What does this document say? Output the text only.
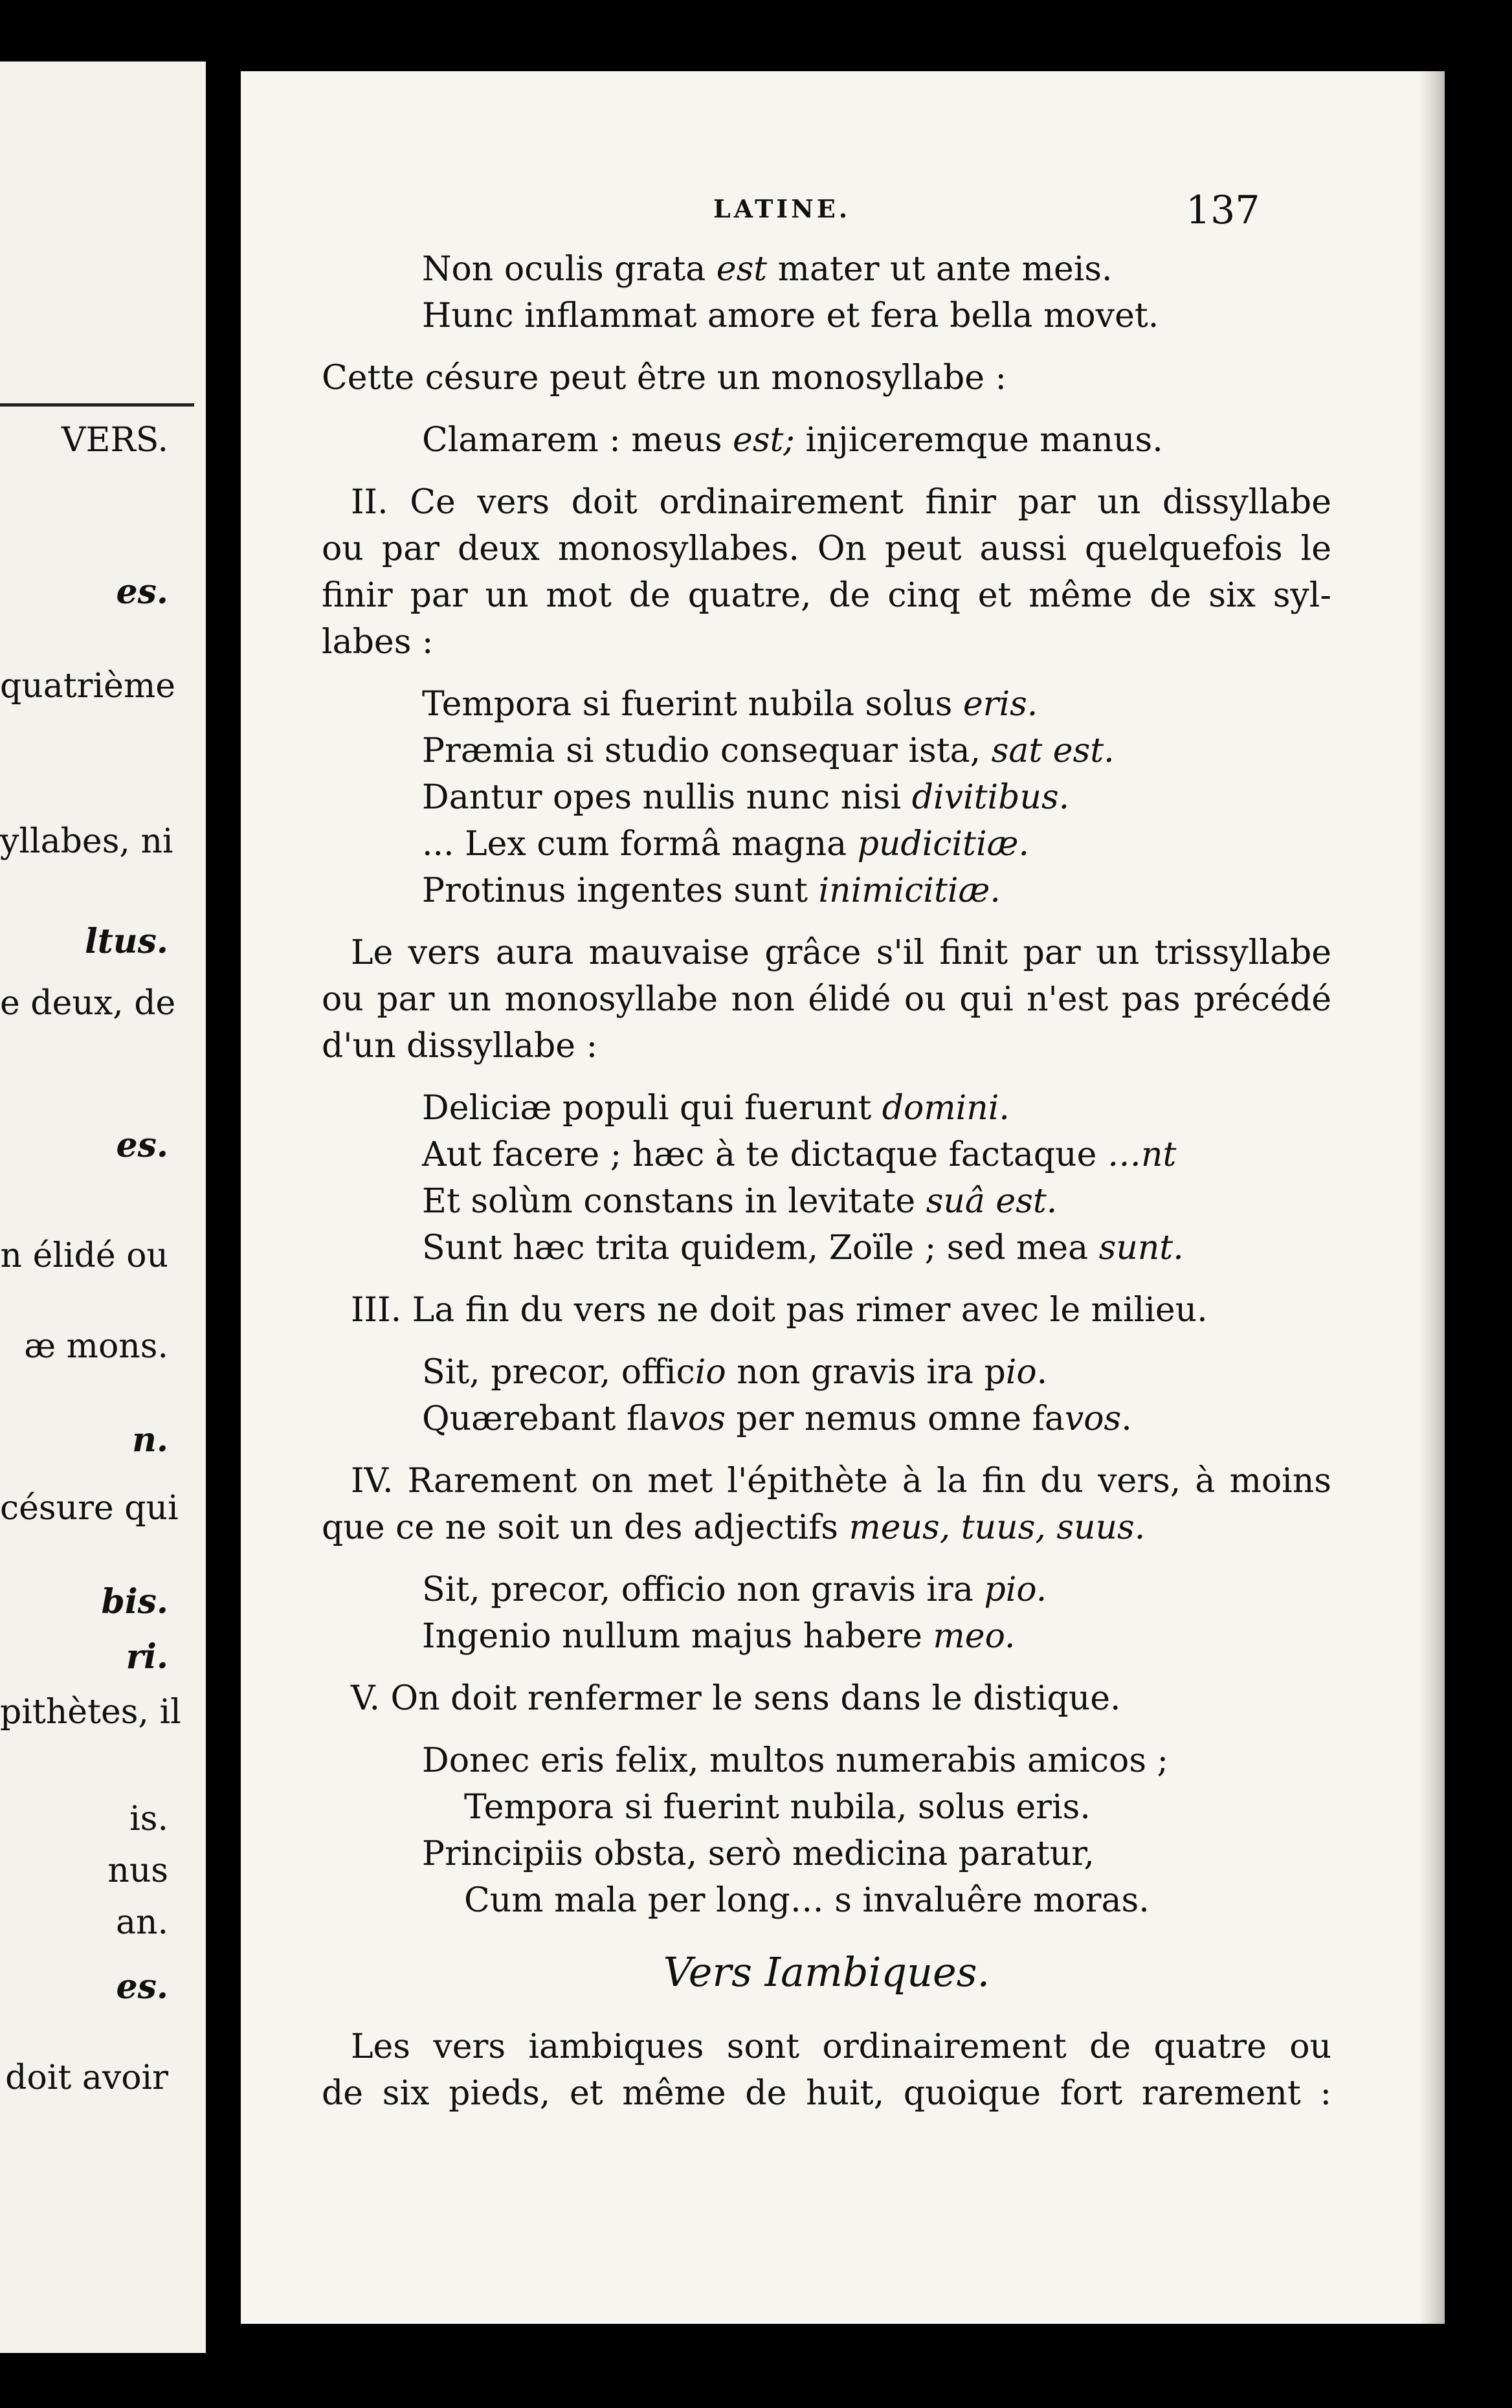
VERS.
es.
quatrième
yllabes, ni
ltus.
e deux, de
es.
n élidé ou
æ mons.
n.
césure qui
bis.
ri.
pithètes, il
is.
nus
an.
es.
doit avoir
LATINE.	137
Non oculis grata est mater ut ante meis.
Hunc inflammat amore et fera bella movet.
Cette césure peut être un monosyllabe :
Clamarem : meus est; injiceremque manus.
II. Ce vers doit ordinairement finir par un dissyllabe
ou par deux monosyllabes. On peut aussi quelquefois le
finir par un mot de quatre, de cinq et même de six syl-
labes :
Tempora si fuerint nubila solus eris.
Præmia si studio consequar ista, sat est.
Dantur opes nullis nunc nisi divitibus.
... Lex cum formâ magna pudicitiæ.
Protinus ingentes sunt inimicitiæ.
Le vers aura mauvaise grâce s'il finit par un trissyllabe
ou par un monosyllabe non élidé ou qui n'est pas précédé
d'un dissyllabe :
Deliciæ populi qui fuerunt domini.
Aut facere ; hæc à te dictaque factaque …nt
Et solùm constans in levitate suâ est.
Sunt hæc trita quidem, Zoïle ; sed mea sunt.
III. La fin du vers ne doit pas rimer avec le milieu.
Sit, precor, officio non gravis ira pio.
Quærebant flavos per nemus omne favos.
IV. Rarement on met l'épithète à la fin du vers, à moins
que ce ne soit un des adjectifs meus, tuus, suus.
Sit, precor, officio non gravis ira pio.
Ingenio nullum majus habere meo.
V. On doit renfermer le sens dans le distique.
Donec eris felix, multos numerabis amicos ;
Tempora si fuerint nubila, solus eris.
Principiis obsta, serò medicina paratur,
Cum mala per long… s invaluêre moras.
Vers Iambiques.
Les vers iambiques sont ordinairement de quatre ou
de six pieds, et même de huit, quoique fort rarement :
